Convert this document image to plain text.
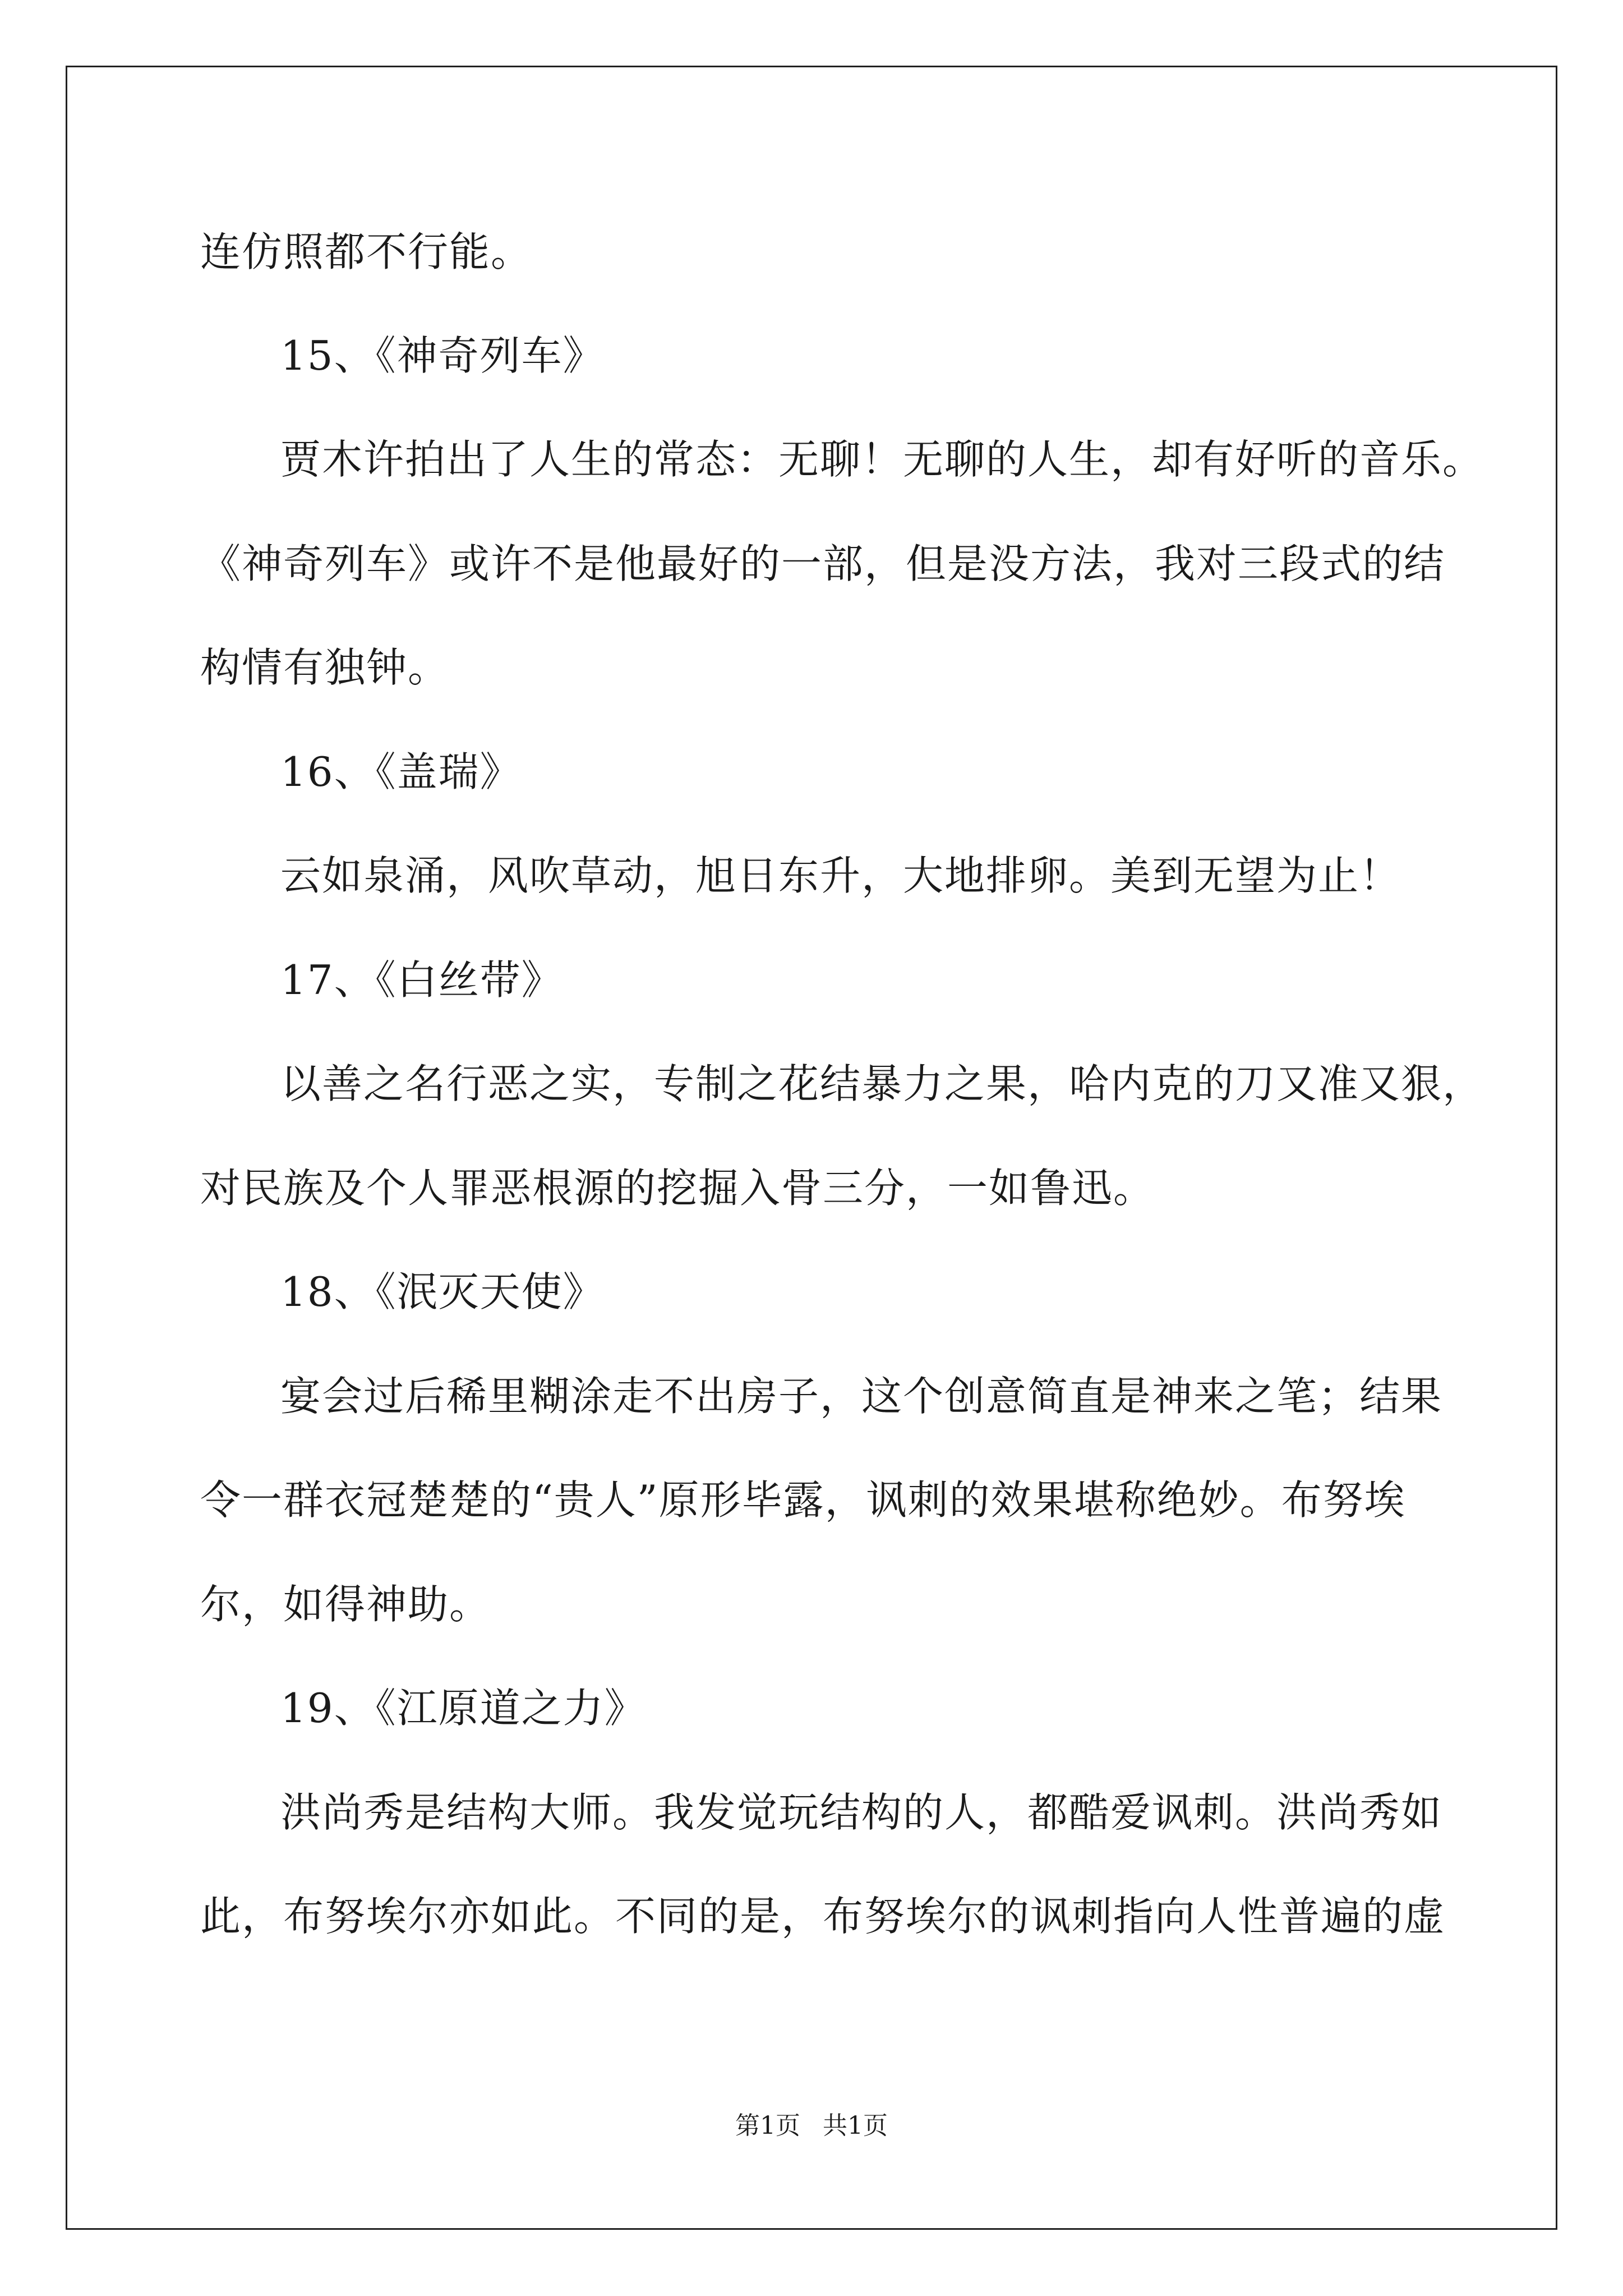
连仿照都不行能。
15、《神奇列车》
贾木许拍出了人生的常态：无聊！无聊的人生，却有好听的音乐。
《神奇列车》或许不是他最好的一部，但是没方法，我对三段式的结
构情有独钟。
16、《盖瑞》
云如泉涌，风吹草动，旭日东升，大地排卵。美到无望为止！
17、《白丝带》
以善之名行恶之实，专制之花结暴力之果，哈内克的刀又准又狠，
对民族及个人罪恶根源的挖掘入骨三分，一如鲁迅。
18、《泯灭天使》
宴会过后稀里糊涂走不出房子，这个创意简直是神来之笔；结果
令一群衣冠楚楚的“贵人”原形毕露，讽刺的效果堪称绝妙。布努埃
尔，如得神助。
19、《江原道之力》
洪尚秀是结构大师。我发觉玩结构的人，都酷爱讽刺。洪尚秀如
此，布努埃尔亦如此。不同的是，布努埃尔的讽刺指向人性普遍的虚
第1页 共1页
